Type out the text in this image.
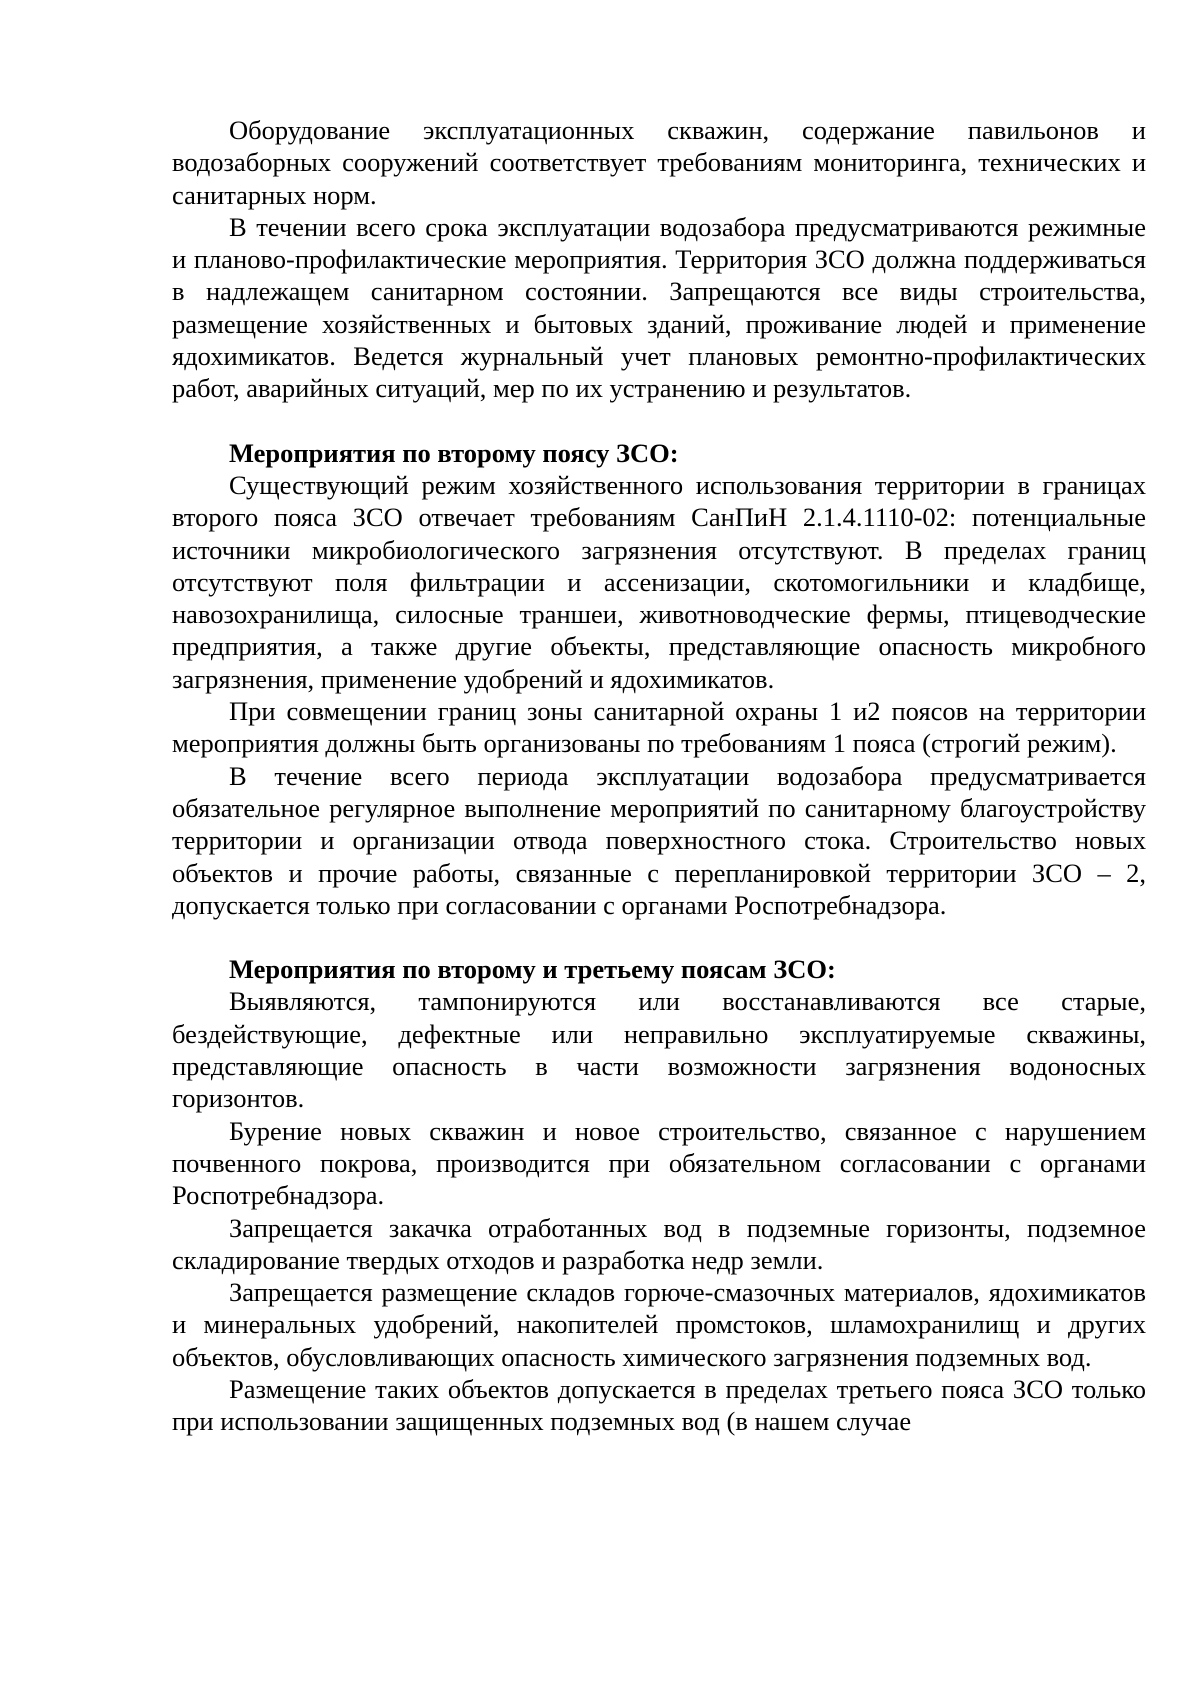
Оборудование эксплуатационных скважин, содержание павильонов и водозаборных сооружений соответствует требованиям мониторинга, технических и санитарных норм.

В течении всего срока эксплуатации водозабора предусматриваются режимные и планово-профилактические мероприятия. Территория ЗСО должна поддерживаться в надлежащем санитарном состоянии. Запрещаются все виды строительства, размещение хозяйственных и бытовых зданий, проживание людей и применение ядохимикатов. Ведется журнальный учет плановых ремонтно-профилактических работ, аварийных ситуаций, мер по их устранению и результатов.

Мероприятия по второму поясу ЗСО:

Существующий режим хозяйственного использования территории в границах второго пояса ЗСО отвечает требованиям СанПиН 2.1.4.1110-02: потенциальные источники микробиологического загрязнения отсутствуют. В пределах границ отсутствуют поля фильтрации и ассенизации, скотомогильники и кладбище, навозохранилища, силосные траншеи, животноводческие фермы, птицеводческие предприятия, а также другие объекты, представляющие опасность микробного загрязнения, применение удобрений и ядохимикатов.

При совмещении границ зоны санитарной охраны 1 и2 поясов на территории мероприятия должны быть организованы по требованиям 1 пояса (строгий режим).

В течение всего периода эксплуатации водозабора предусматривается обязательное регулярное выполнение мероприятий по санитарному благоустройству территории и организации отвода поверхностного стока. Строительство новых объектов и прочие работы, связанные с перепланировкой территории ЗСО – 2, допускается только при согласовании с органами Роспотребнадзора.

Мероприятия по второму и третьему поясам ЗСО:

Выявляются, тампонируются или восстанавливаются все старые, бездействующие, дефектные или неправильно эксплуатируемые скважины, представляющие опасность в части возможности загрязнения водоносных горизонтов.

Бурение новых скважин и новое строительство, связанное с нарушением почвенного покрова, производится при обязательном согласовании с органами Роспотребнадзора.

Запрещается закачка отработанных вод в подземные горизонты, подземное складирование твердых отходов и разработка недр земли.

Запрещается размещение складов горюче-смазочных материалов, ядохимикатов и минеральных удобрений, накопителей промстоков, шламохранилищ и других объектов, обусловливающих опасность химического загрязнения подземных вод.

Размещение таких объектов допускается в пределах третьего пояса ЗСО только при использовании защищенных подземных вод (в нашем случае
